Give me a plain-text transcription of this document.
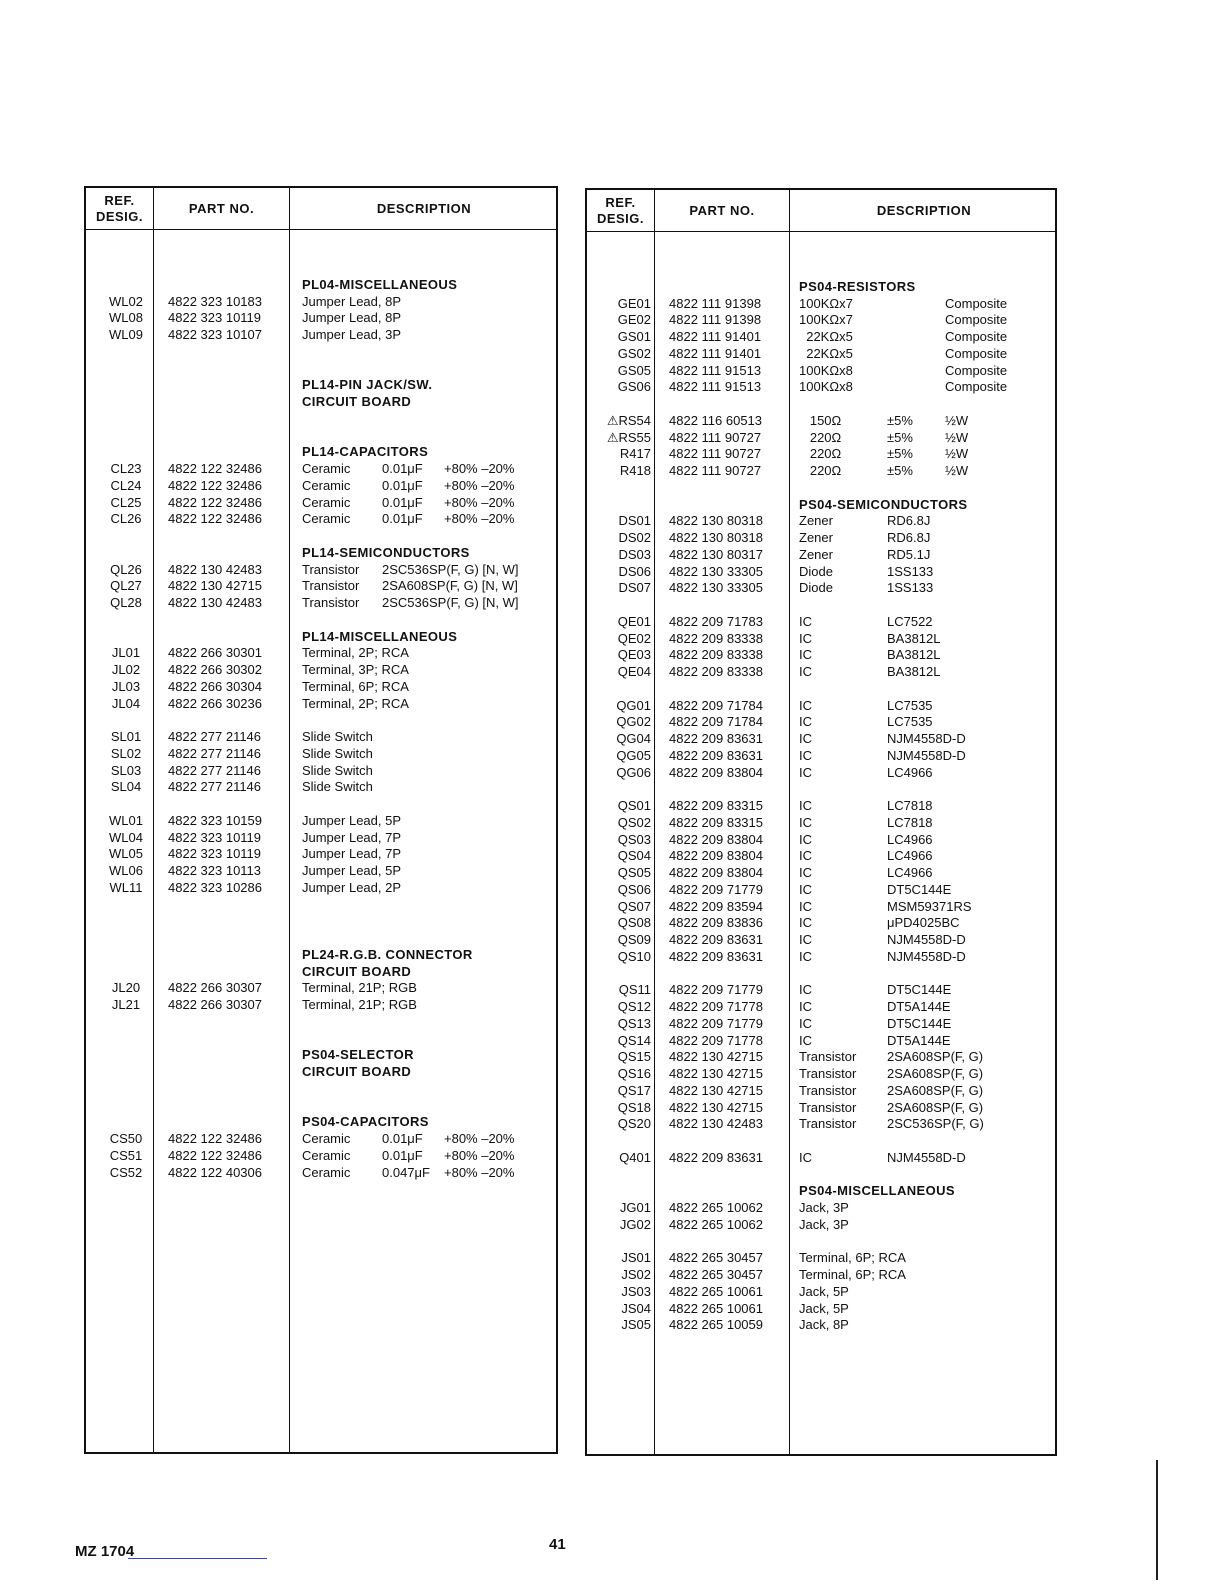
REF.
DESIG.
PART NO.	DESCRIPTION
PL04-MISCELLANEOUS
WL02 4822 323 10183	Jumper Lead, 8P
WL08 4822 323 10119	Jumper Lead, 8P
WL09 4822 323 10107	Jumper Lead, 3P
PL14-PIN JACK/SW.
CIRCUIT BOARD
PL14-CAPACITORS
CL23	4822 122 32486	Ceramic 0.01μF +80% –20%
CL24	4822 122 32486	Ceramic 0.01μF +80% –20%
CL25	4822 122 32486	Ceramic 0.01μF +80% –20%
CL26	4822 122 32486	Ceramic 0.01μF +80% –20%
PL14-SEMICONDUCTORS
QL26	4822 130 42483	Transistor 2SC536SP(F, G) [N, W]
QL27	4822 130 42715	Transistor 2SA608SP(F, G) [N, W]
QL28	4822 130 42483	Transistor 2SC536SP(F, G) [N, W]
PL14-MISCELLANEOUS
JL01	4822 266 30301	Terminal, 2P; RCA
JL02	4822 266 30302	Terminal, 3P; RCA
JL03	4822 266 30304	Terminal, 6P; RCA
JL04	4822 266 30236	Terminal, 2P; RCA
SL01	4822 277 21146	Slide Switch
SL02	4822 277 21146	Slide Switch
SL03	4822 277 21146	Slide Switch
SL04	4822 277 21146	Slide Switch
WL01 4822 323 10159	Jumper Lead, 5P
WL04 4822 323 10119	Jumper Lead, 7P
WL05 4822 323 10119	Jumper Lead, 7P
WL06 4822 323 10113	Jumper Lead, 5P
WL11 4822 323 10286	Jumper Lead, 2P
PL24-R.G.B. CONNECTOR
CIRCUIT BOARD
JL20	4822 266 30307	Terminal, 21P; RGB
JL21	4822 266 30307	Terminal, 21P; RGB
PS04-SELECTOR
CIRCUIT BOARD
PS04-CAPACITORS
CS50 4822 122 32486	Ceramic 0.01μF +80% –20%
CS51 4822 122 32486	Ceramic 0.01μF +80% –20%
CS52 4822 122 40306	Ceramic 0.047μF +80% –20%
REF.
DESIG.
PART NO.	DESCRIPTION
PS04-RESISTORS
GE01 4822 111 91398	100KΩx7	Composite
GE02 4822 111 91398	100KΩx7	Composite
GS01 4822 111 91401	22KΩx5	Composite
GS02 4822 111 91401	22KΩx5	Composite
GS05 4822 111 91513	100KΩx8	Composite
GS06 4822 111 91513	100KΩx8	Composite
⚠RS54 4822 116 60513	150Ω	±5% ½W
⚠RS55 4822 111 90727	220Ω	±5% ½W
R417 4822 111 90727	220Ω	±5% ½W
R418 4822 111 90727	220Ω	±5% ½W
PS04-SEMICONDUCTORS
DS01 4822 130 80318	Zener	RD6.8J
DS02 4822 130 80318	Zener	RD6.8J
DS03 4822 130 80317	Zener	RD5.1J
DS06 4822 130 33305	Diode	1SS133
DS07 4822 130 33305	Diode	1SS133
QE01 4822 209 71783	IC	LC7522
QE02 4822 209 83338	IC	BA3812L
QE03 4822 209 83338	IC	BA3812L
QE04 4822 209 83338	IC	BA3812L
QG01 4822 209 71784	IC	LC7535
QG02 4822 209 71784	IC	LC7535
QG04 4822 209 83631	IC	NJM4558D-D
QG05 4822 209 83631	IC	NJM4558D-D
QG06 4822 209 83804	IC	LC4966
QS01 4822 209 83315	IC	LC7818
QS02 4822 209 83315	IC	LC7818
QS03 4822 209 83804	IC	LC4966
QS04 4822 209 83804	IC	LC4966
QS05 4822 209 83804	IC	LC4966
QS06 4822 209 71779	IC	DT5C144E
QS07 4822 209 83594	IC	MSM59371RS
QS08 4822 209 83836	IC	μPD4025BC
QS09 4822 209 83631	IC	NJM4558D-D
QS10 4822 209 83631	IC	NJM4558D-D
QS11 4822 209 71779	IC	DT5C144E
QS12 4822 209 71778	IC	DT5A144E
QS13 4822 209 71779	IC	DT5C144E
QS14 4822 209 71778	IC	DT5A144E
QS15 4822 130 42715	Transistor 2SA608SP(F, G)
QS16 4822 130 42715	Transistor 2SA608SP(F, G)
QS17 4822 130 42715	Transistor 2SA608SP(F, G)
QS18 4822 130 42715	Transistor 2SA608SP(F, G)
QS20 4822 130 42483	Transistor 2SC536SP(F, G)
Q401 4822 209 83631	IC	NJM4558D-D
PS04-MISCELLANEOUS
JG01 4822 265 10062	Jack, 3P
JG02 4822 265 10062	Jack, 3P
JS01 4822 265 30457	Terminal, 6P; RCA
JS02 4822 265 30457	Terminal, 6P; RCA
JS03 4822 265 10061	Jack, 5P
JS04 4822 265 10061	Jack, 5P
JS05 4822 265 10059	Jack, 8P
MZ 1704	41
